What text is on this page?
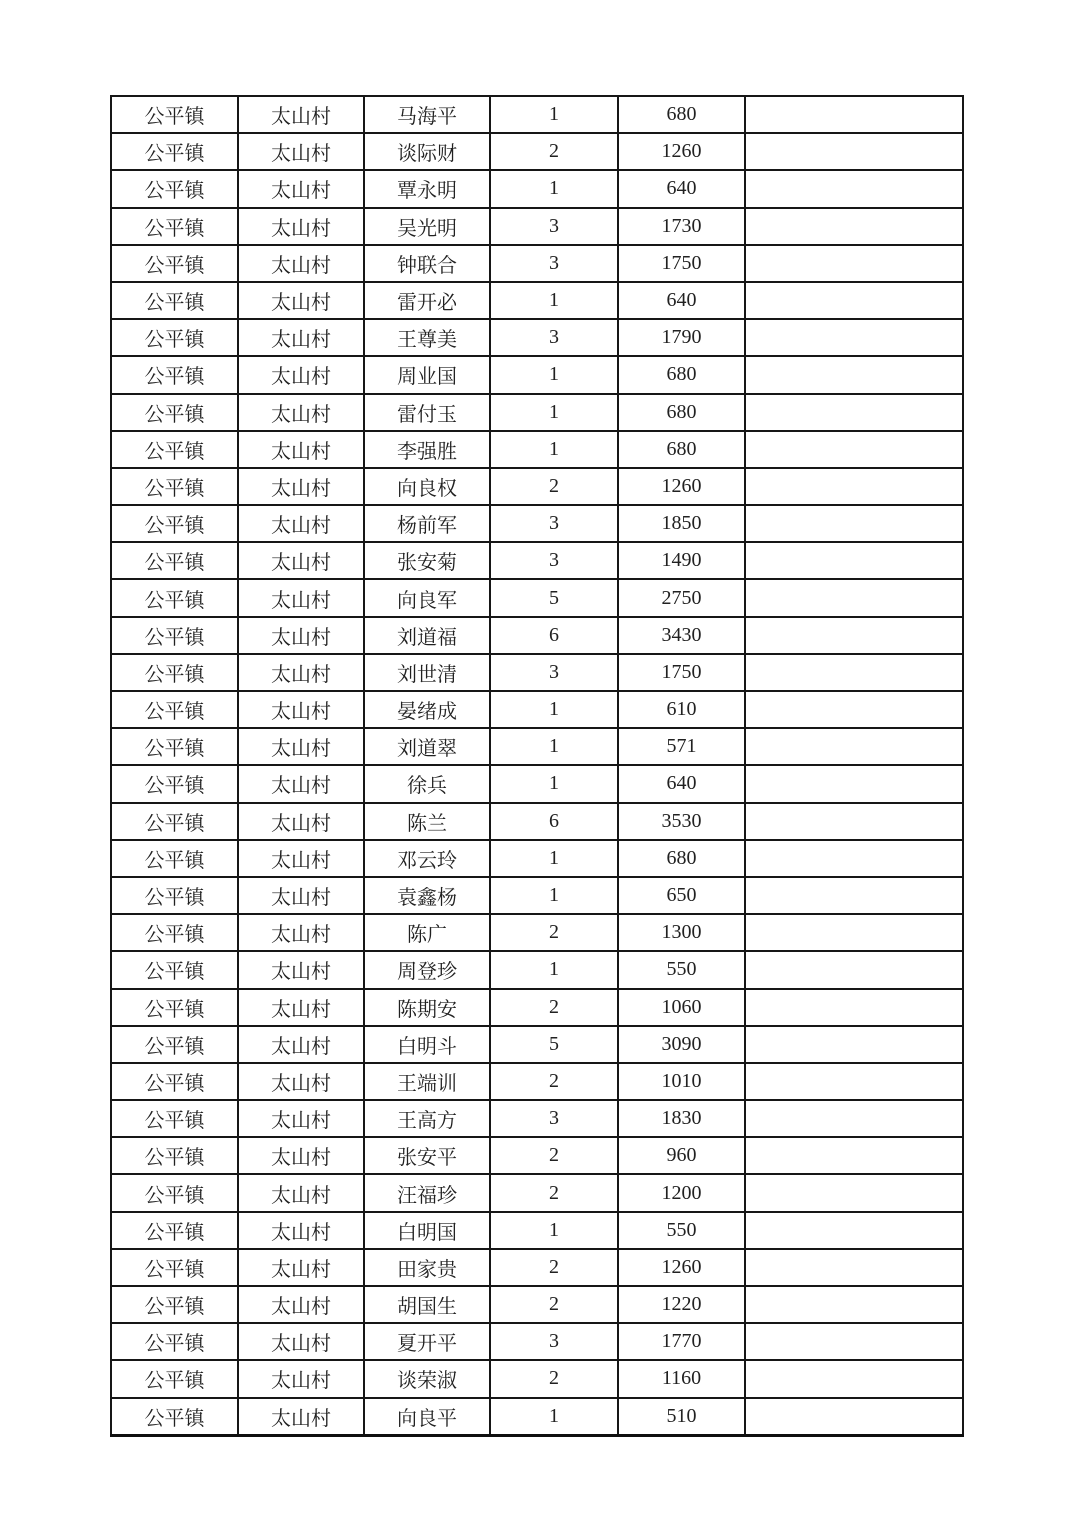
公平镇	太山村	马海平	1	680	
公平镇	太山村	谈际财	2	1260	
公平镇	太山村	覃永明	1	640	
公平镇	太山村	吴光明	3	1730	
公平镇	太山村	钟联合	3	1750	
公平镇	太山村	雷开必	1	640	
公平镇	太山村	王尊美	3	1790	
公平镇	太山村	周业国	1	680	
公平镇	太山村	雷付玉	1	680	
公平镇	太山村	李强胜	1	680	
公平镇	太山村	向良权	2	1260	
公平镇	太山村	杨前军	3	1850	
公平镇	太山村	张安菊	3	1490	
公平镇	太山村	向良军	5	2750	
公平镇	太山村	刘道福	6	3430	
公平镇	太山村	刘世清	3	1750	
公平镇	太山村	晏绪成	1	610	
公平镇	太山村	刘道翠	1	571	
公平镇	太山村	徐兵	1	640	
公平镇	太山村	陈兰	6	3530	
公平镇	太山村	邓云玲	1	680	
公平镇	太山村	袁鑫杨	1	650	
公平镇	太山村	陈广	2	1300	
公平镇	太山村	周登珍	1	550	
公平镇	太山村	陈期安	2	1060	
公平镇	太山村	白明斗	5	3090	
公平镇	太山村	王端训	2	1010	
公平镇	太山村	王高方	3	1830	
公平镇	太山村	张安平	2	960	
公平镇	太山村	汪福珍	2	1200	
公平镇	太山村	白明国	1	550	
公平镇	太山村	田家贵	2	1260	
公平镇	太山村	胡国生	2	1220	
公平镇	太山村	夏开平	3	1770	
公平镇	太山村	谈荣淑	2	1160	
公平镇	太山村	向良平	1	510	
